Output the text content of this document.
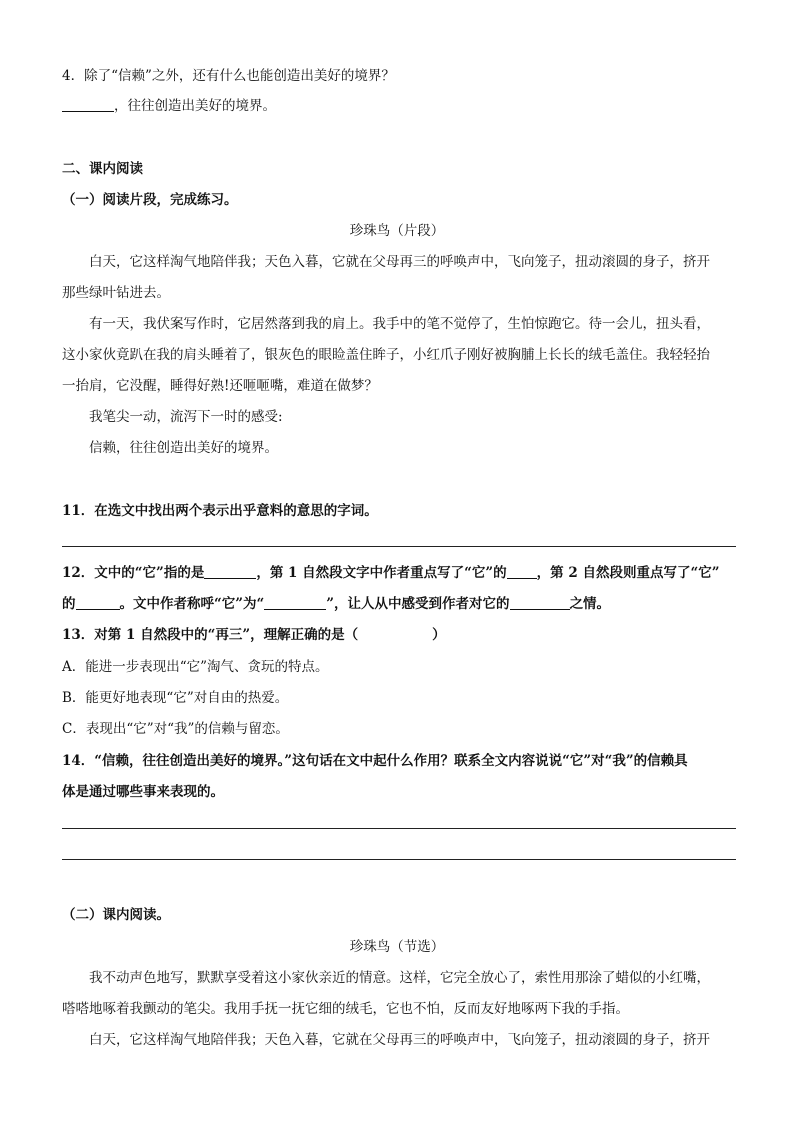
4．除了“信赖”之外，还有什么也能创造出美好的境界？
，往往创造出美好的境界。
二、课内阅读
（一）阅读片段，完成练习。
珍珠鸟（片段）
白天，它这样淘气地陪伴我；天色入暮，它就在父母再三的呼唤声中，飞向笼子，扭动滚圆的身子，挤开
那些绿叶钻进去。
有一天，我伏案写作时，它居然落到我的肩上。我手中的笔不觉停了，生怕惊跑它。待一会儿，扭头看，
这小家伙竟趴在我的肩头睡着了，银灰色的眼睑盖住眸子，小红爪子刚好被胸脯上长长的绒毛盖住。我轻轻抬
一抬肩，它没醒，睡得好熟!还咂咂嘴，难道在做梦？
我笔尖一动，流泻下一时的感受:
信赖，往往创造出美好的境界。
11．在选文中找出两个表示出乎意料的意思的字词。
12．文中的“它”指的是	，第 1 自然段文字中作者重点写了“它”的 ，第 2 自然段则重点写了“它”
的	。文中作者称呼“它”为“	”，让人从中感受到作者对它的	之情。
13．对第 1 自然段中的“再三”，理解正确的是（	）
A．能进一步表现出“它”淘气、贪玩的特点。
B．能更好地表现“它”对自由的热爱。
C．表现出“它”对“我”的信赖与留恋。
14．“信赖，往往创造出美好的境界。”这句话在文中起什么作用？联系全文内容说说“它”对“我”的信赖具
体是通过哪些事来表现的。
（二）课内阅读。
珍珠鸟（节选）
我不动声色地写，默默享受着这小家伙亲近的情意。这样，它完全放心了，索性用那涂了蜡似的小红嘴，
嗒嗒地啄着我颤动的笔尖。我用手抚一抚它细的绒毛，它也不怕，反而友好地啄两下我的手指。
白天，它这样淘气地陪伴我；天色入暮，它就在父母再三的呼唤声中，飞向笼子，扭动滚圆的身子，挤开
